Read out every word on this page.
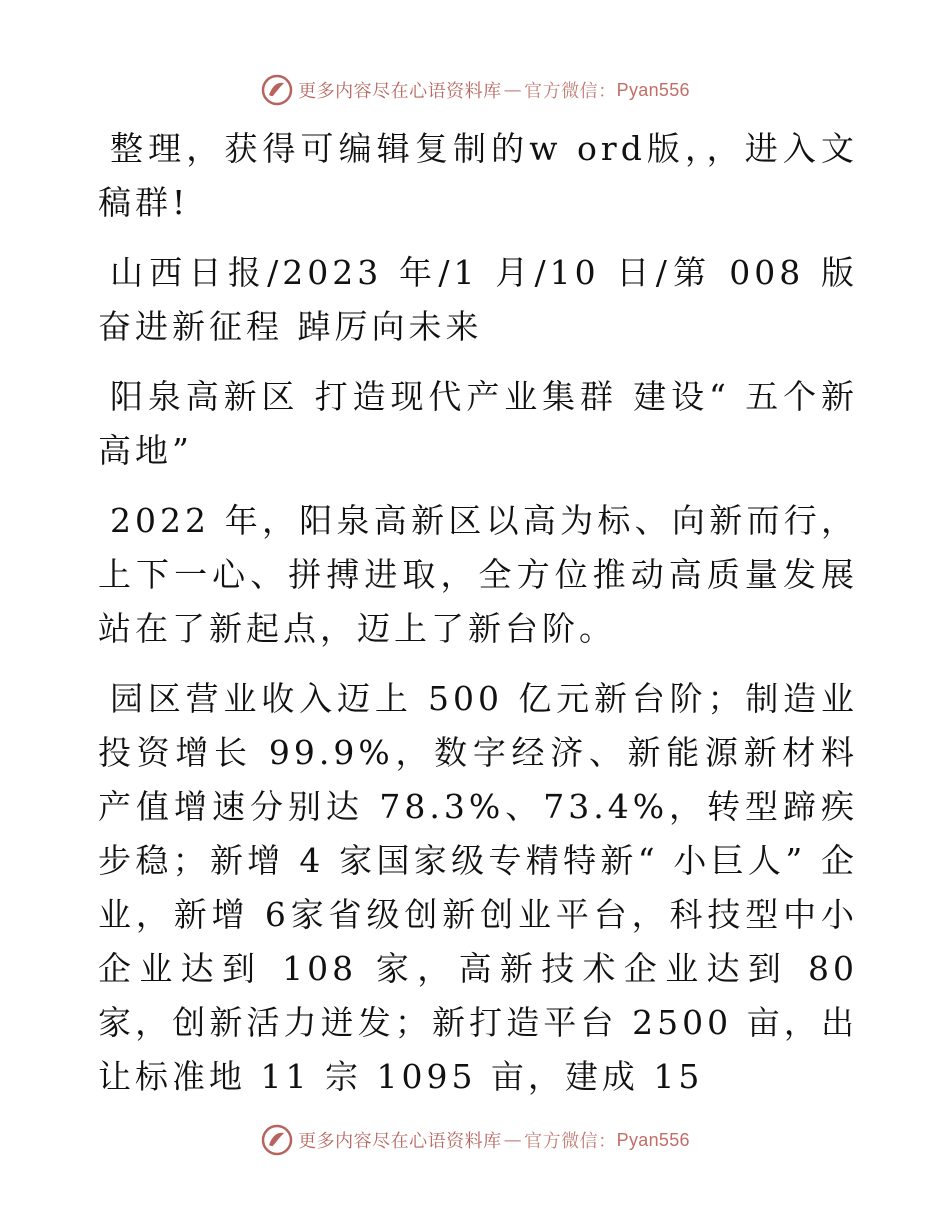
更多内容尽在心语资料库 — 官方微信： Pyan556

整理，获得可编辑复制的w ord版，，进入文稿群!

山西日报/2023 年/1 月/10 日/第 008 版奋进新征程 踔厉向未来

阳泉高新区 打造现代产业集群 建设“ 五个新高地”

2022 年，阳泉高新区以高为标、向新而行，上下一心、拼搏进取，全方位推动高质量发展站在了新起点，迈上了新台阶。

园区营业收入迈上 500 亿元新台阶；制造业投资增长 99.9%，数字经济、新能源新材料产值增速分别达 78.3%、73.4%，转型蹄疾步稳；新增 4 家国家级专精特新“ 小巨人” 企业，新增 6家省级创新创业平台，科技型中小企业达到 108 家，高新技术企业达到 80 家，创新活力迸发；新打造平台 2500 亩，出让标准地 11 宗 1095 亩，建成 15

更多内容尽在心语资料库 — 官方微信： Pyan556
